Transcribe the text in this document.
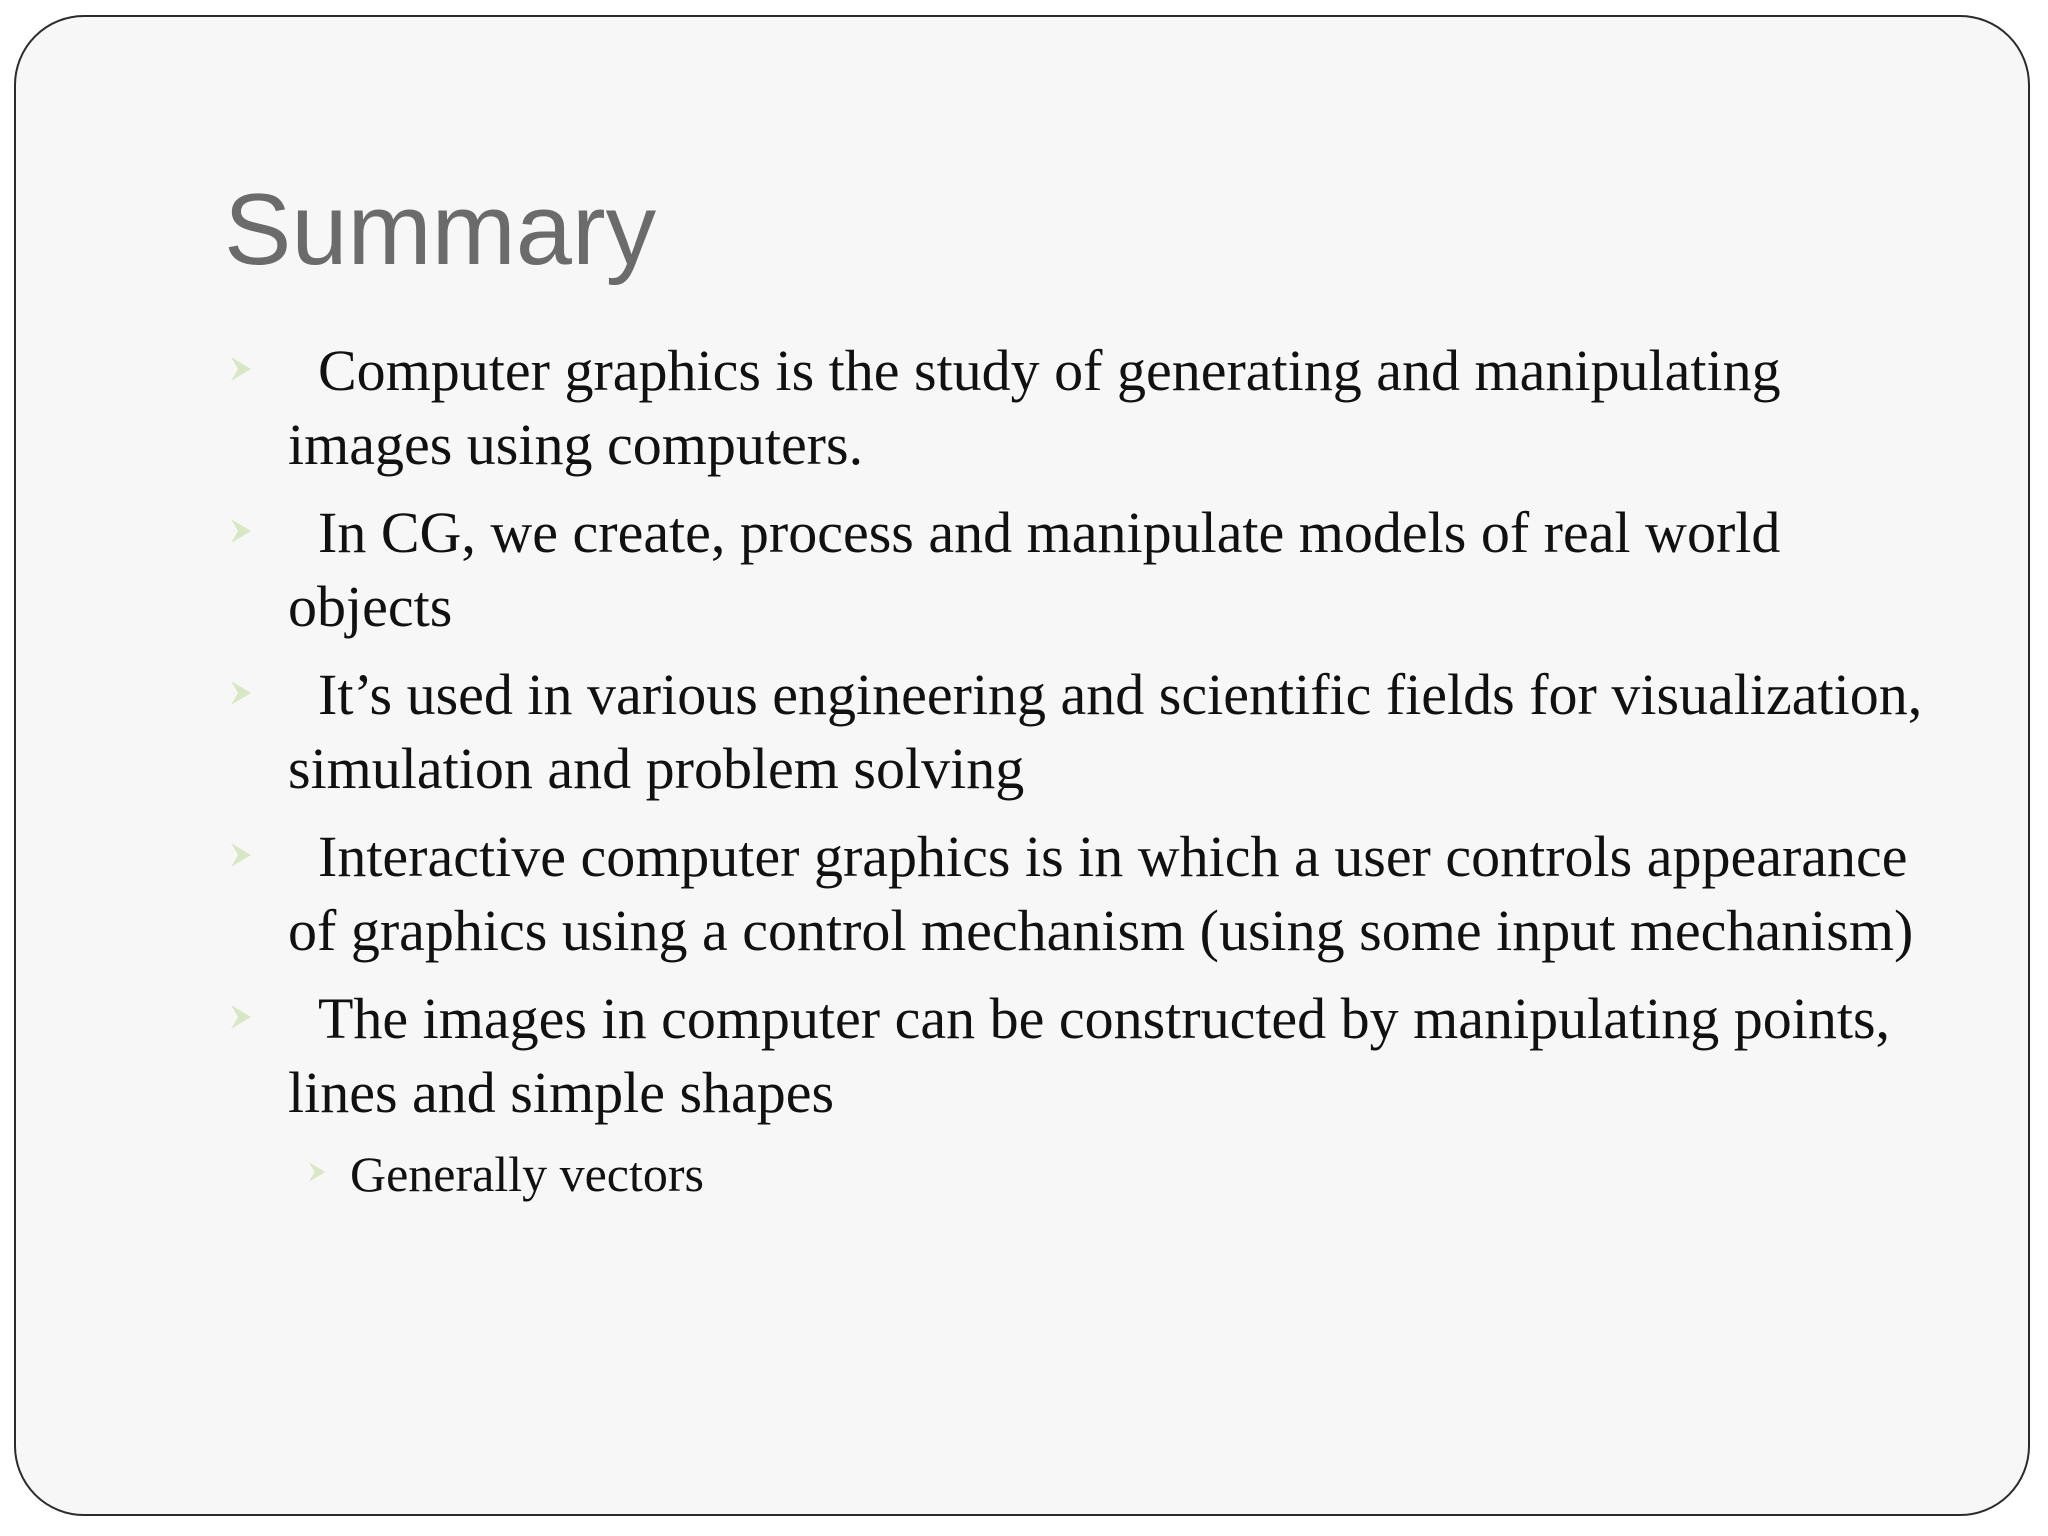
Summary
Computer graphics is the study of generating and manipulating images using computers.
In CG, we create, process and manipulate models of real world objects
It’s used in various engineering and scientific fields for visualization, simulation and problem solving
Interactive computer graphics is in which a user controls appearance of graphics using a control mechanism (using some input mechanism)
The images in computer can be constructed by manipulating points, lines and simple shapes
Generally vectors
